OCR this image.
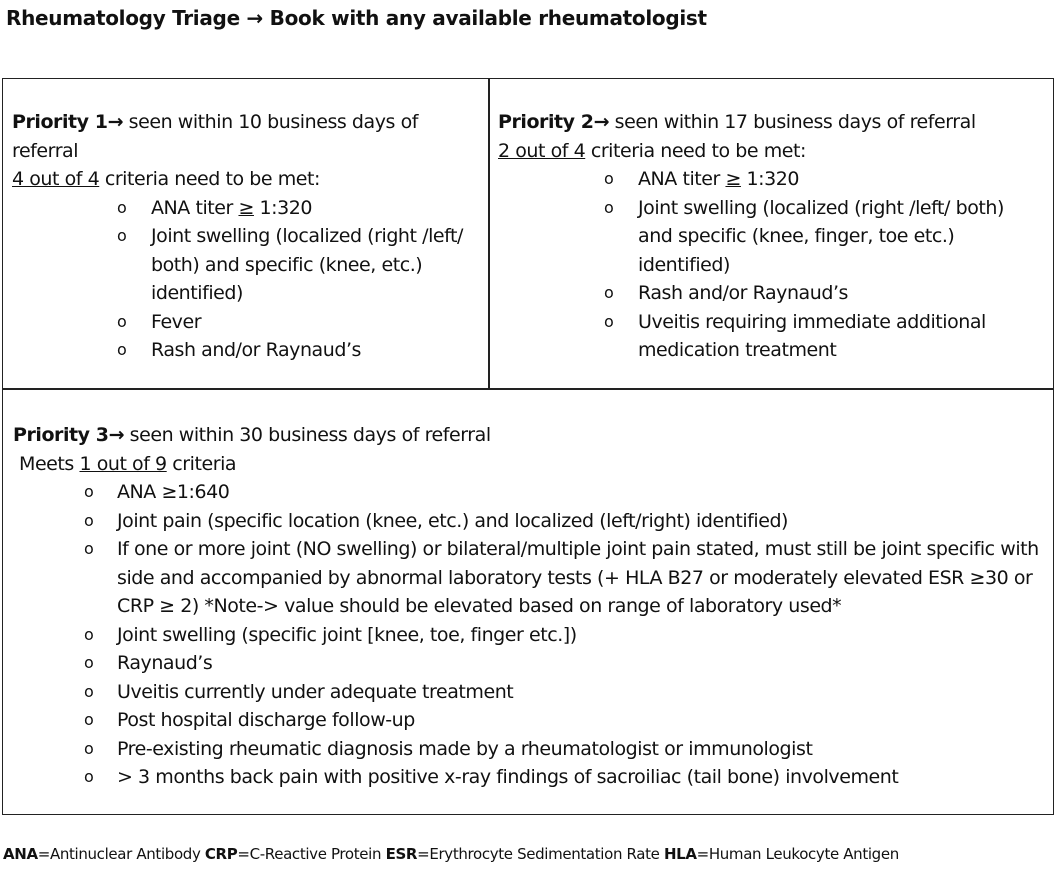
Rheumatology Triage → Book with any available rheumatologist
Priority 1→ seen within 10 business days of referral
4 out of 4 criteria need to be met:
o ANA titer ≥ 1:320
o Joint swelling (localized (right /left/ both) and specific (knee, etc.) identified)
o Fever
o Rash and/or Raynaud’s
Priority 2→ seen within 17 business days of referral
2 out of 4 criteria need to be met:
o ANA titer ≥ 1:320
o Joint swelling (localized (right /left/ both) and specific (knee, finger, toe etc.) identified)
o Rash and/or Raynaud’s
o Uveitis requiring immediate additional medication treatment
Priority 3→ seen within 30 business days of referral
Meets 1 out of 9 criteria
o ANA ≥1:640
o Joint pain (specific location (knee, etc.) and localized (left/right) identified)
o If one or more joint (NO swelling) or bilateral/multiple joint pain stated, must still be joint specific with side and accompanied by abnormal laboratory tests (+ HLA B27 or moderately elevated ESR ≥30 or CRP ≥ 2) *Note-> value should be elevated based on range of laboratory used*
o Joint swelling (specific joint [knee, toe, finger etc.])
o Raynaud’s
o Uveitis currently under adequate treatment
o Post hospital discharge follow-up
o Pre-existing rheumatic diagnosis made by a rheumatologist or immunologist
o > 3 months back pain with positive x-ray findings of sacroiliac (tail bone) involvement
ANA=Antinuclear Antibody CRP=C-Reactive Protein ESR=Erythrocyte Sedimentation Rate HLA=Human Leukocyte Antigen
